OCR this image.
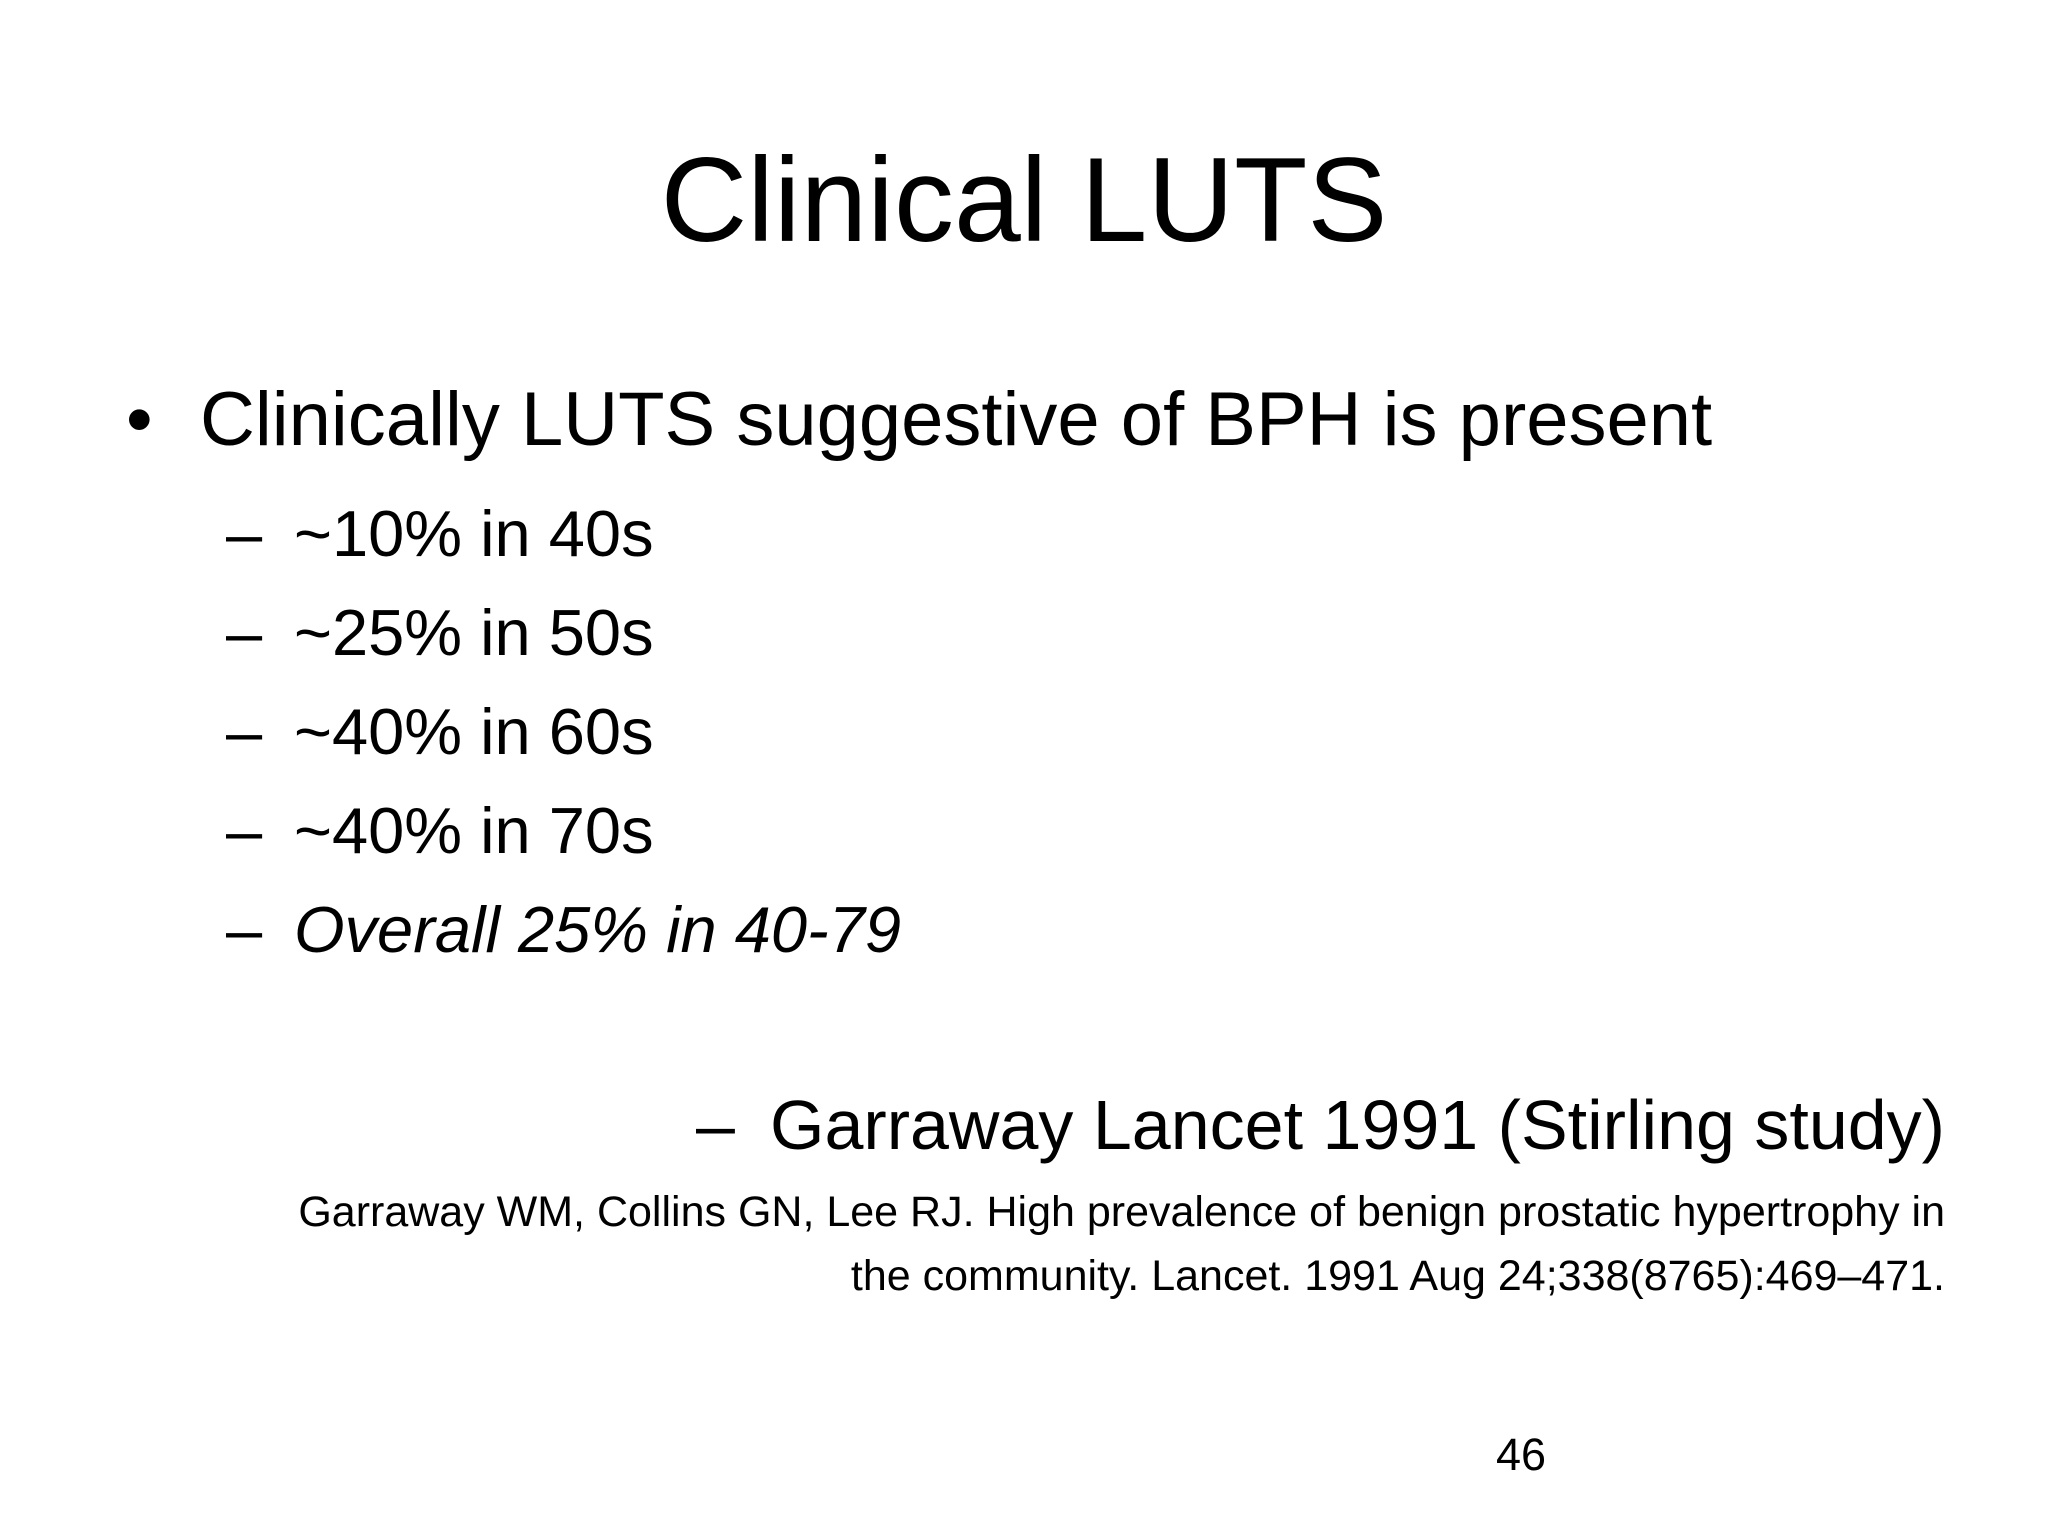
Clinical LUTS
• Clinically LUTS suggestive of BPH is present
– ~10% in 40s
– ~25% in 50s
– ~40% in 60s
– ~40% in 70s
– Overall 25% in 40-79
– Garraway Lancet 1991 (Stirling study)
Garraway WM, Collins GN, Lee RJ. High prevalence of benign prostatic hypertrophy in the community. Lancet. 1991 Aug 24;338(8765):469–471.
46
